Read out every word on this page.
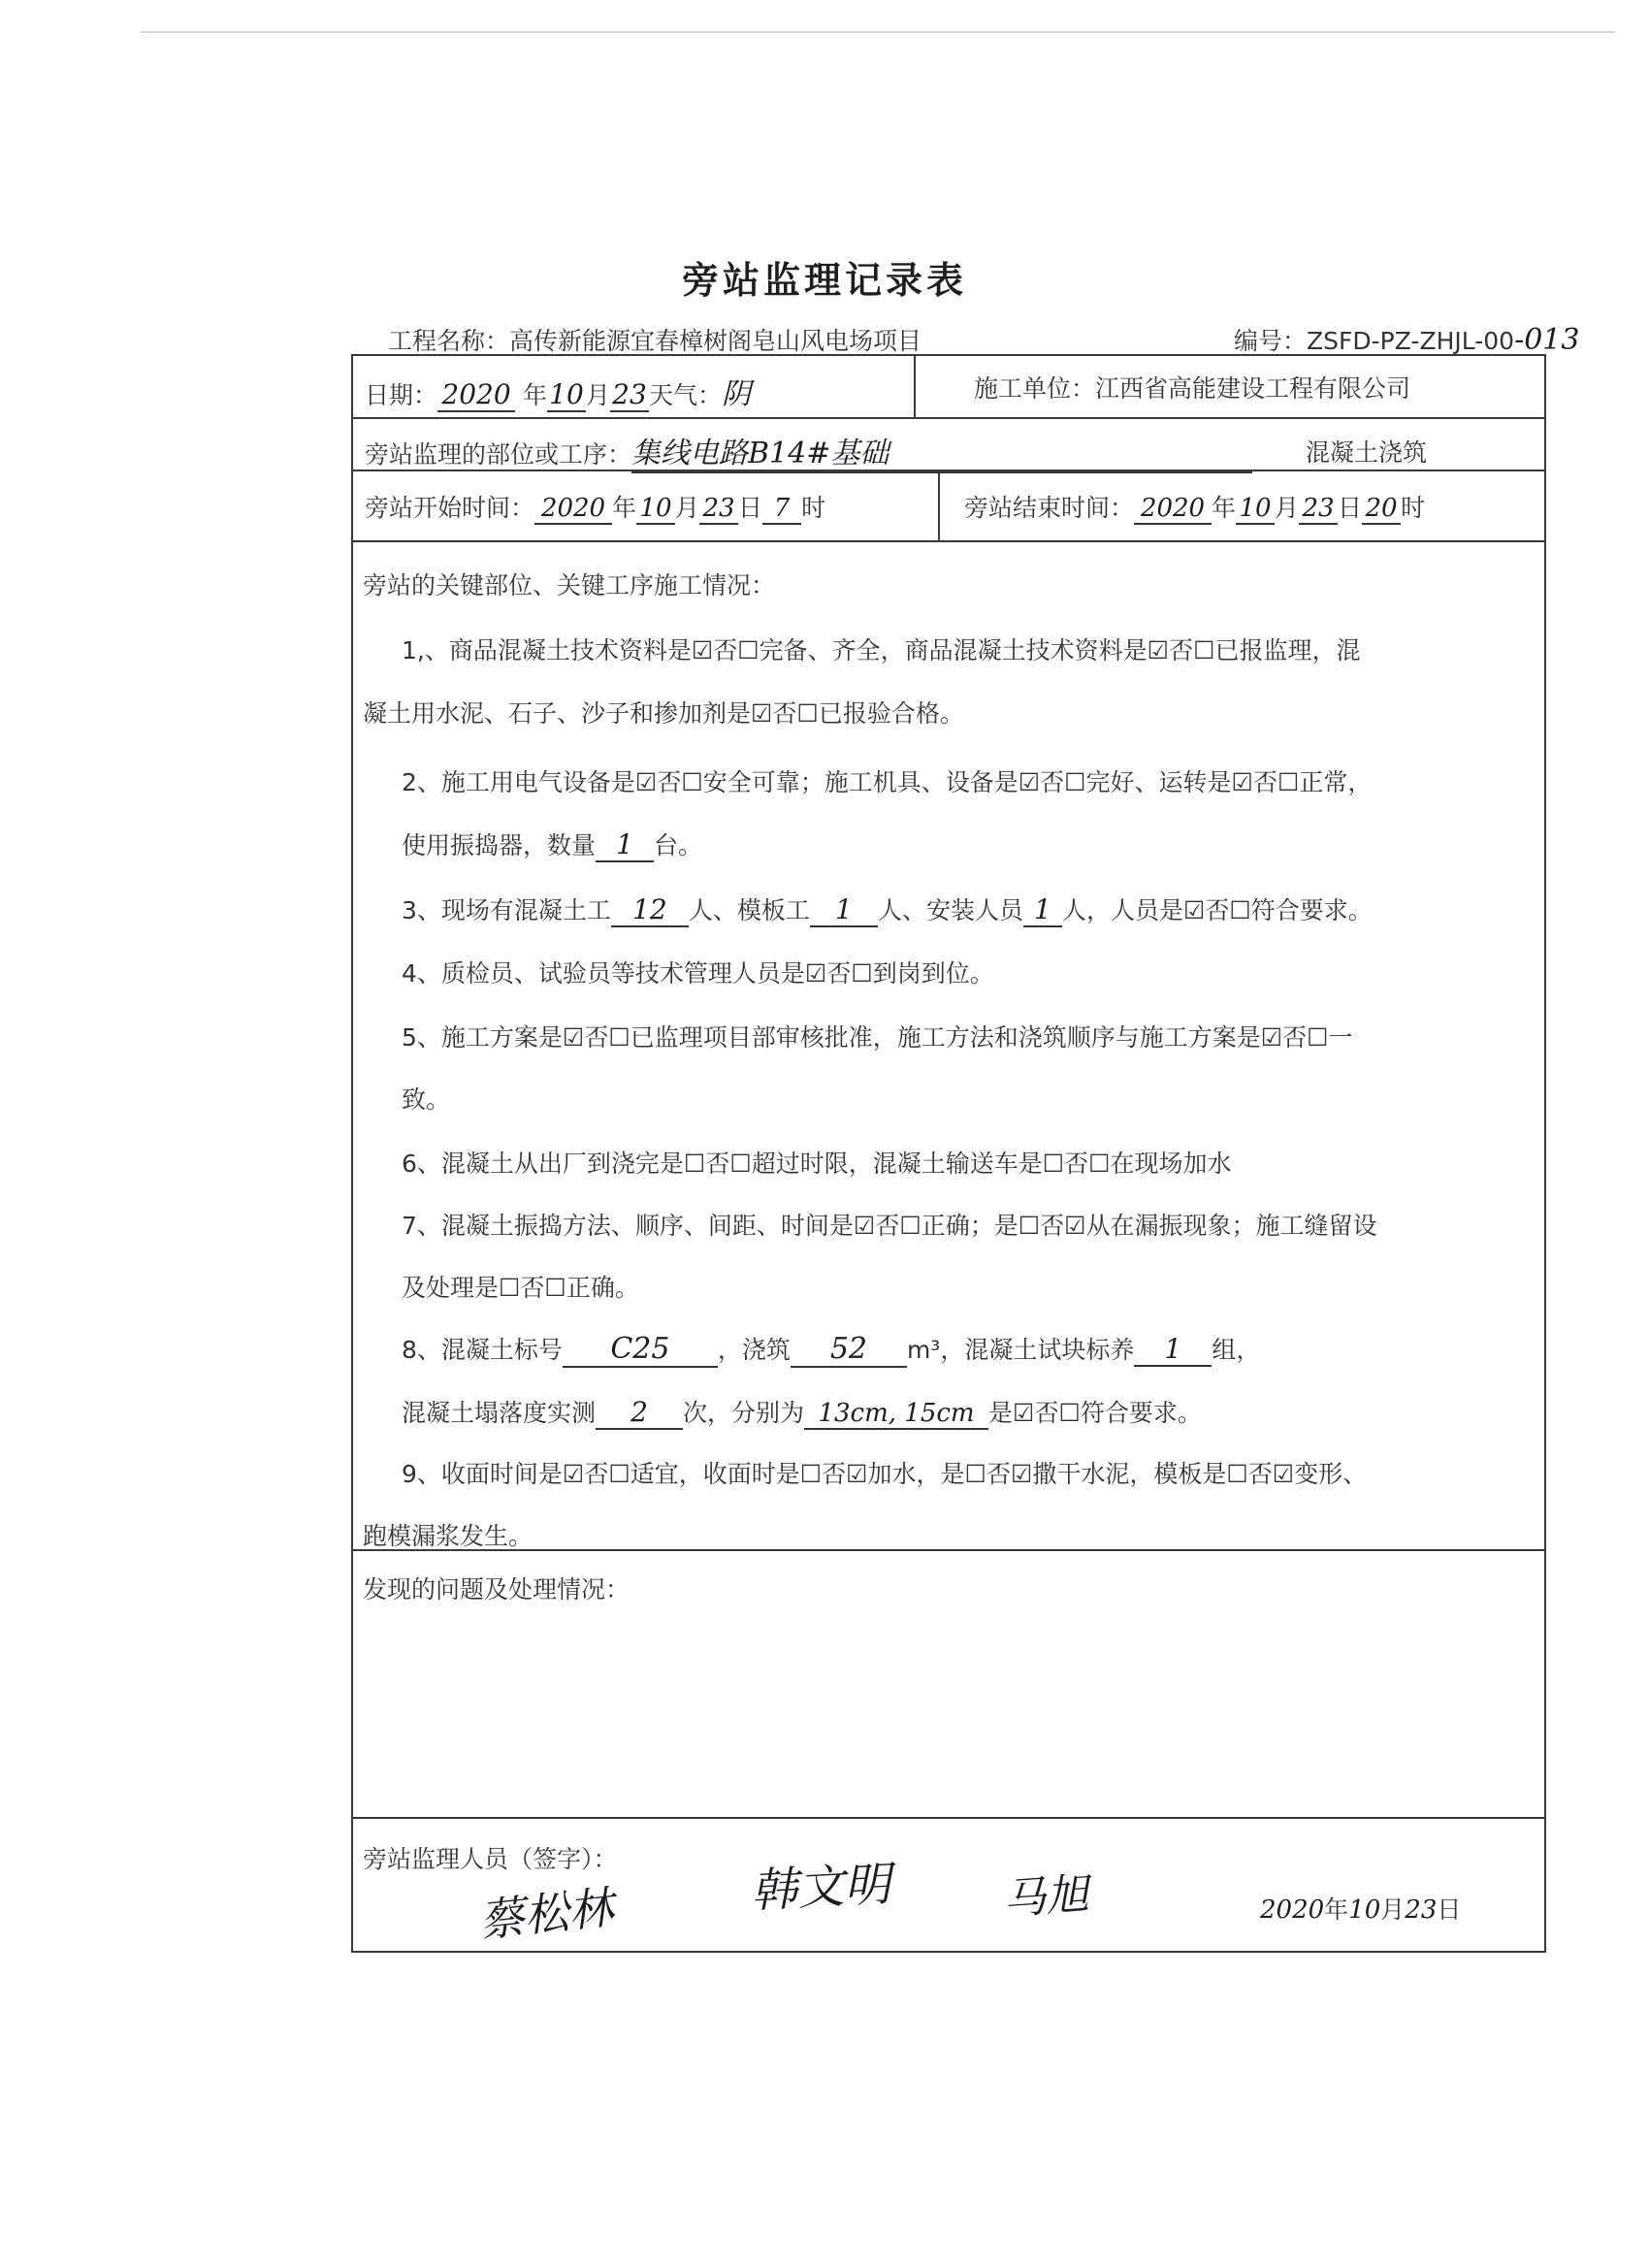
旁站监理记录表
工程名称：高传新能源宜春樟树阁皂山风电场项目	编号：ZSFD-PZ-ZHJL-00-013
日期： 2020 年10月23天气：阴	施工单位：江西省高能建设工程有限公司
旁站监理的部位或工序：集线电路B14#基础	混凝土浇筑
旁站开始时间： 2020 年 10 月 23 日 7 时	旁站结束时间： 2020 年 10 月 23 日 20 时
旁站的关键部位、关键工序施工情况：
1,、商品混凝土技术资料是☑否☐完备、齐全，商品混凝土技术资料是☑否☐已报监理，混
凝土用水泥、石子、沙子和掺加剂是☑否☐已报验合格。
2、施工用电气设备是☑否☐安全可靠；施工机具、设备是☑否☐完好、运转是☑否☐正常，
使用振捣器，数量 1 台。
3、现场有混凝土工 12 人、模板工 1 人、安装人员 1 人，人员是☑否☐符合要求。
4、质检员、试验员等技术管理人员是☑否☐到岗到位。
5、施工方案是☑否☐已监理项目部审核批准，施工方法和浇筑顺序与施工方案是☑否☐一
致。
6、混凝土从出厂到浇完是☐否☐超过时限，混凝土输送车是☐否☐在现场加水
7、混凝土振捣方法、顺序、间距、时间是☑否☐正确；是☐否☑从在漏振现象；施工缝留设
及处理是☐否☐正确。
8、混凝土标号 C25 ，浇筑 52 m³，混凝土试块标养 1 组，
混凝土塌落度实测 2 次，分别为 13cm, 15cm 是☑否☐符合要求。
9、收面时间是☑否☐适宜，收面时是☐否☑加水，是☐否☑撒干水泥，模板是☐否☑变形、
跑模漏浆发生。
发现的问题及处理情况：
旁站监理人员（签字）：
蔡松林	韩文明	马旭	2020年10月23日
